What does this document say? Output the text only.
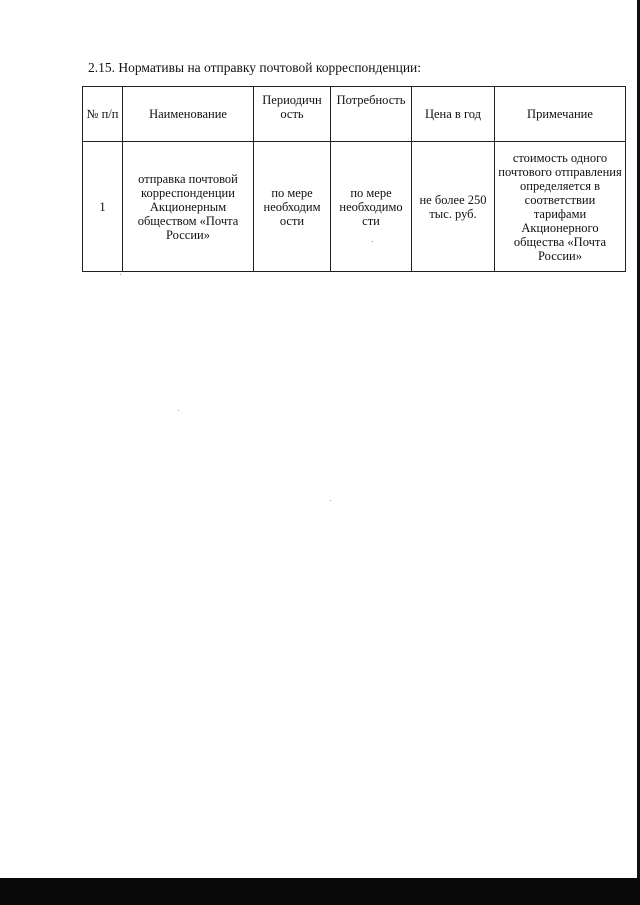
2.15. Нормативы на отправку почтовой корреспонденции:
№ п/п	Наименование	Периодичн ость	Потребность	Цена в год	Примечание
1	отправка почтовой корреспонденции Акционерным обществом «Почта России»	по мере необходим ости	по мере необходимо сти	не более 250 тыс. руб.	стоимость одного почтового отправления определяется в соответствии тарифами Акционерного общества «Почта России»
